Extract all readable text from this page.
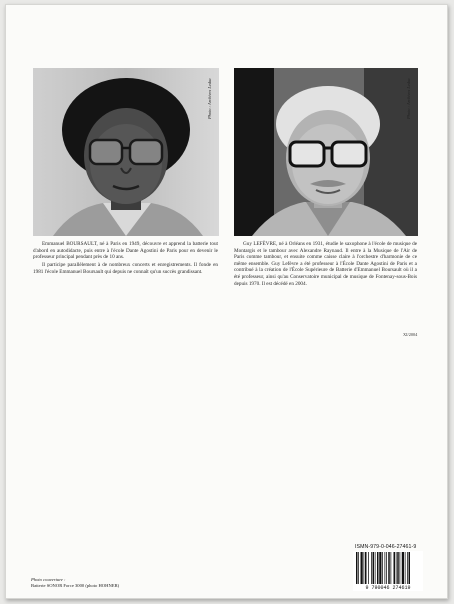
Photo : Archives Leduc	Photo : Archives Leduc

Emmanuel BOURSAULT, né à Paris en 1949, découvre et apprend la batterie tout d'abord en autodidacte, puis entre à l'école Dante Agostini de Paris pour en devenir le professeur principal pendant près de 10 ans.

Il participe parallèlement à de nombreux concerts et enregistrements. Il fonde en 1981 l'école Emmanuel Boursault qui depuis ne connaît qu'un succès grandissant.

Guy LEFÈVRE, né à Orléans en 1931, étudie le saxophone à l'école de musique de Montargis et le tambour avec Alexandre Raynaud. Il entre à la Musique de l'Air de Paris comme tambour, et ensuite comme caisse claire à l'orchestre d'harmonie de ce même ensemble. Guy Lefèvre a été professeur à l'École Dante Agostini de Paris et a contribué à la création de l'École Supérieure de Batterie d'Emmanuel Boursault où il a été professeur, ainsi qu'au Conservatoire municipal de musique de Fontenay-sous-Bois depuis 1970. Il est décédé en 2004.

XI/2004
Photo couverture :
Batterie SONOR Force 3000 (photo HOHNER)
ISMN-979-0-046-27461-9
9 790046 274619
